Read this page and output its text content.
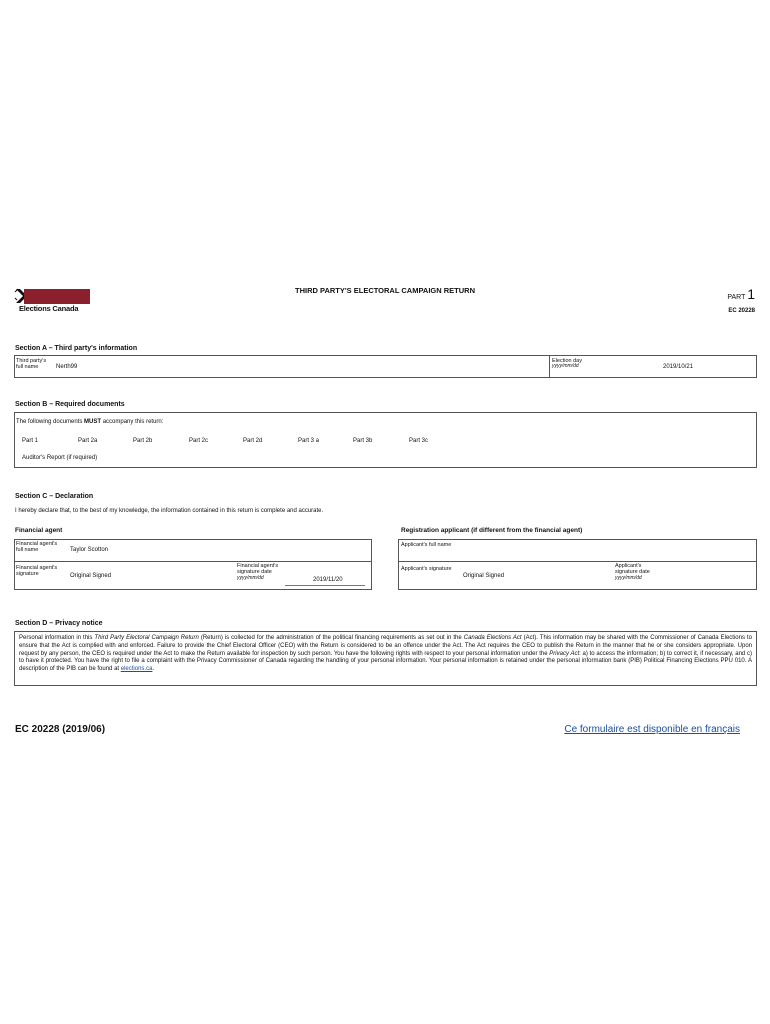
Elections Canada
THIRD PARTY'S ELECTORAL CAMPAIGN RETURN
PART 1
EC 20228
Section A – Third party's information
Third party's
full name	Nerth99
Election day
yyyy/mm/dd	2019/10/21
Section B – Required documents
The following documents MUST accompany this return:
Part 1	Part 2a	Part 2b	Part 2c	Part 2d	Part 3 a	Part 3b	Part 3c
Auditor's Report (if required)
Section C – Declaration
I hereby declare that, to the best of my knowledge, the information contained in this return is complete and accurate.
Financial agent	Registration applicant (if different from the financial agent)
Financial agent's
full name	Taylor Scotton
Financial agent's
signature	Original Signed
Financial agent's
signature date
yyyy/mm/dd	2019/11/20
Applicant's full name
Applicant's signature
Original Signed
Applicant's
signature date
yyyy/mm/dd
Section D – Privacy notice
Personal information in this Third Party Electoral Campaign Return (Return) is collected for the administration of the political financing requirements as set out in the Canada Elections Act (Act). This information may be shared with the Commissioner of Canada Elections to ensure that the Act is complied with and enforced. Failure to provide the Chief Electoral Officer (CEO) with the Return is considered to be an offence under the Act. The Act requires the CEO to publish the Return in the manner that he or she considers appropriate. Upon request by any person, the CEO is required under the Act to make the Return available for inspection by such person. You have the following rights with respect to your personal information under the Privacy Act: a) to access the information; b) to correct it, if necessary, and c) to have it protected. You have the right to file a complaint with the Privacy Commissioner of Canada regarding the handling of your personal information. Your personal information is retained under the personal information bank (PIB) Political Financing Elections PPU 010. A description of the PIB can be found at elections.ca.
EC 20228 (2019/06)	Ce formulaire est disponible en français
